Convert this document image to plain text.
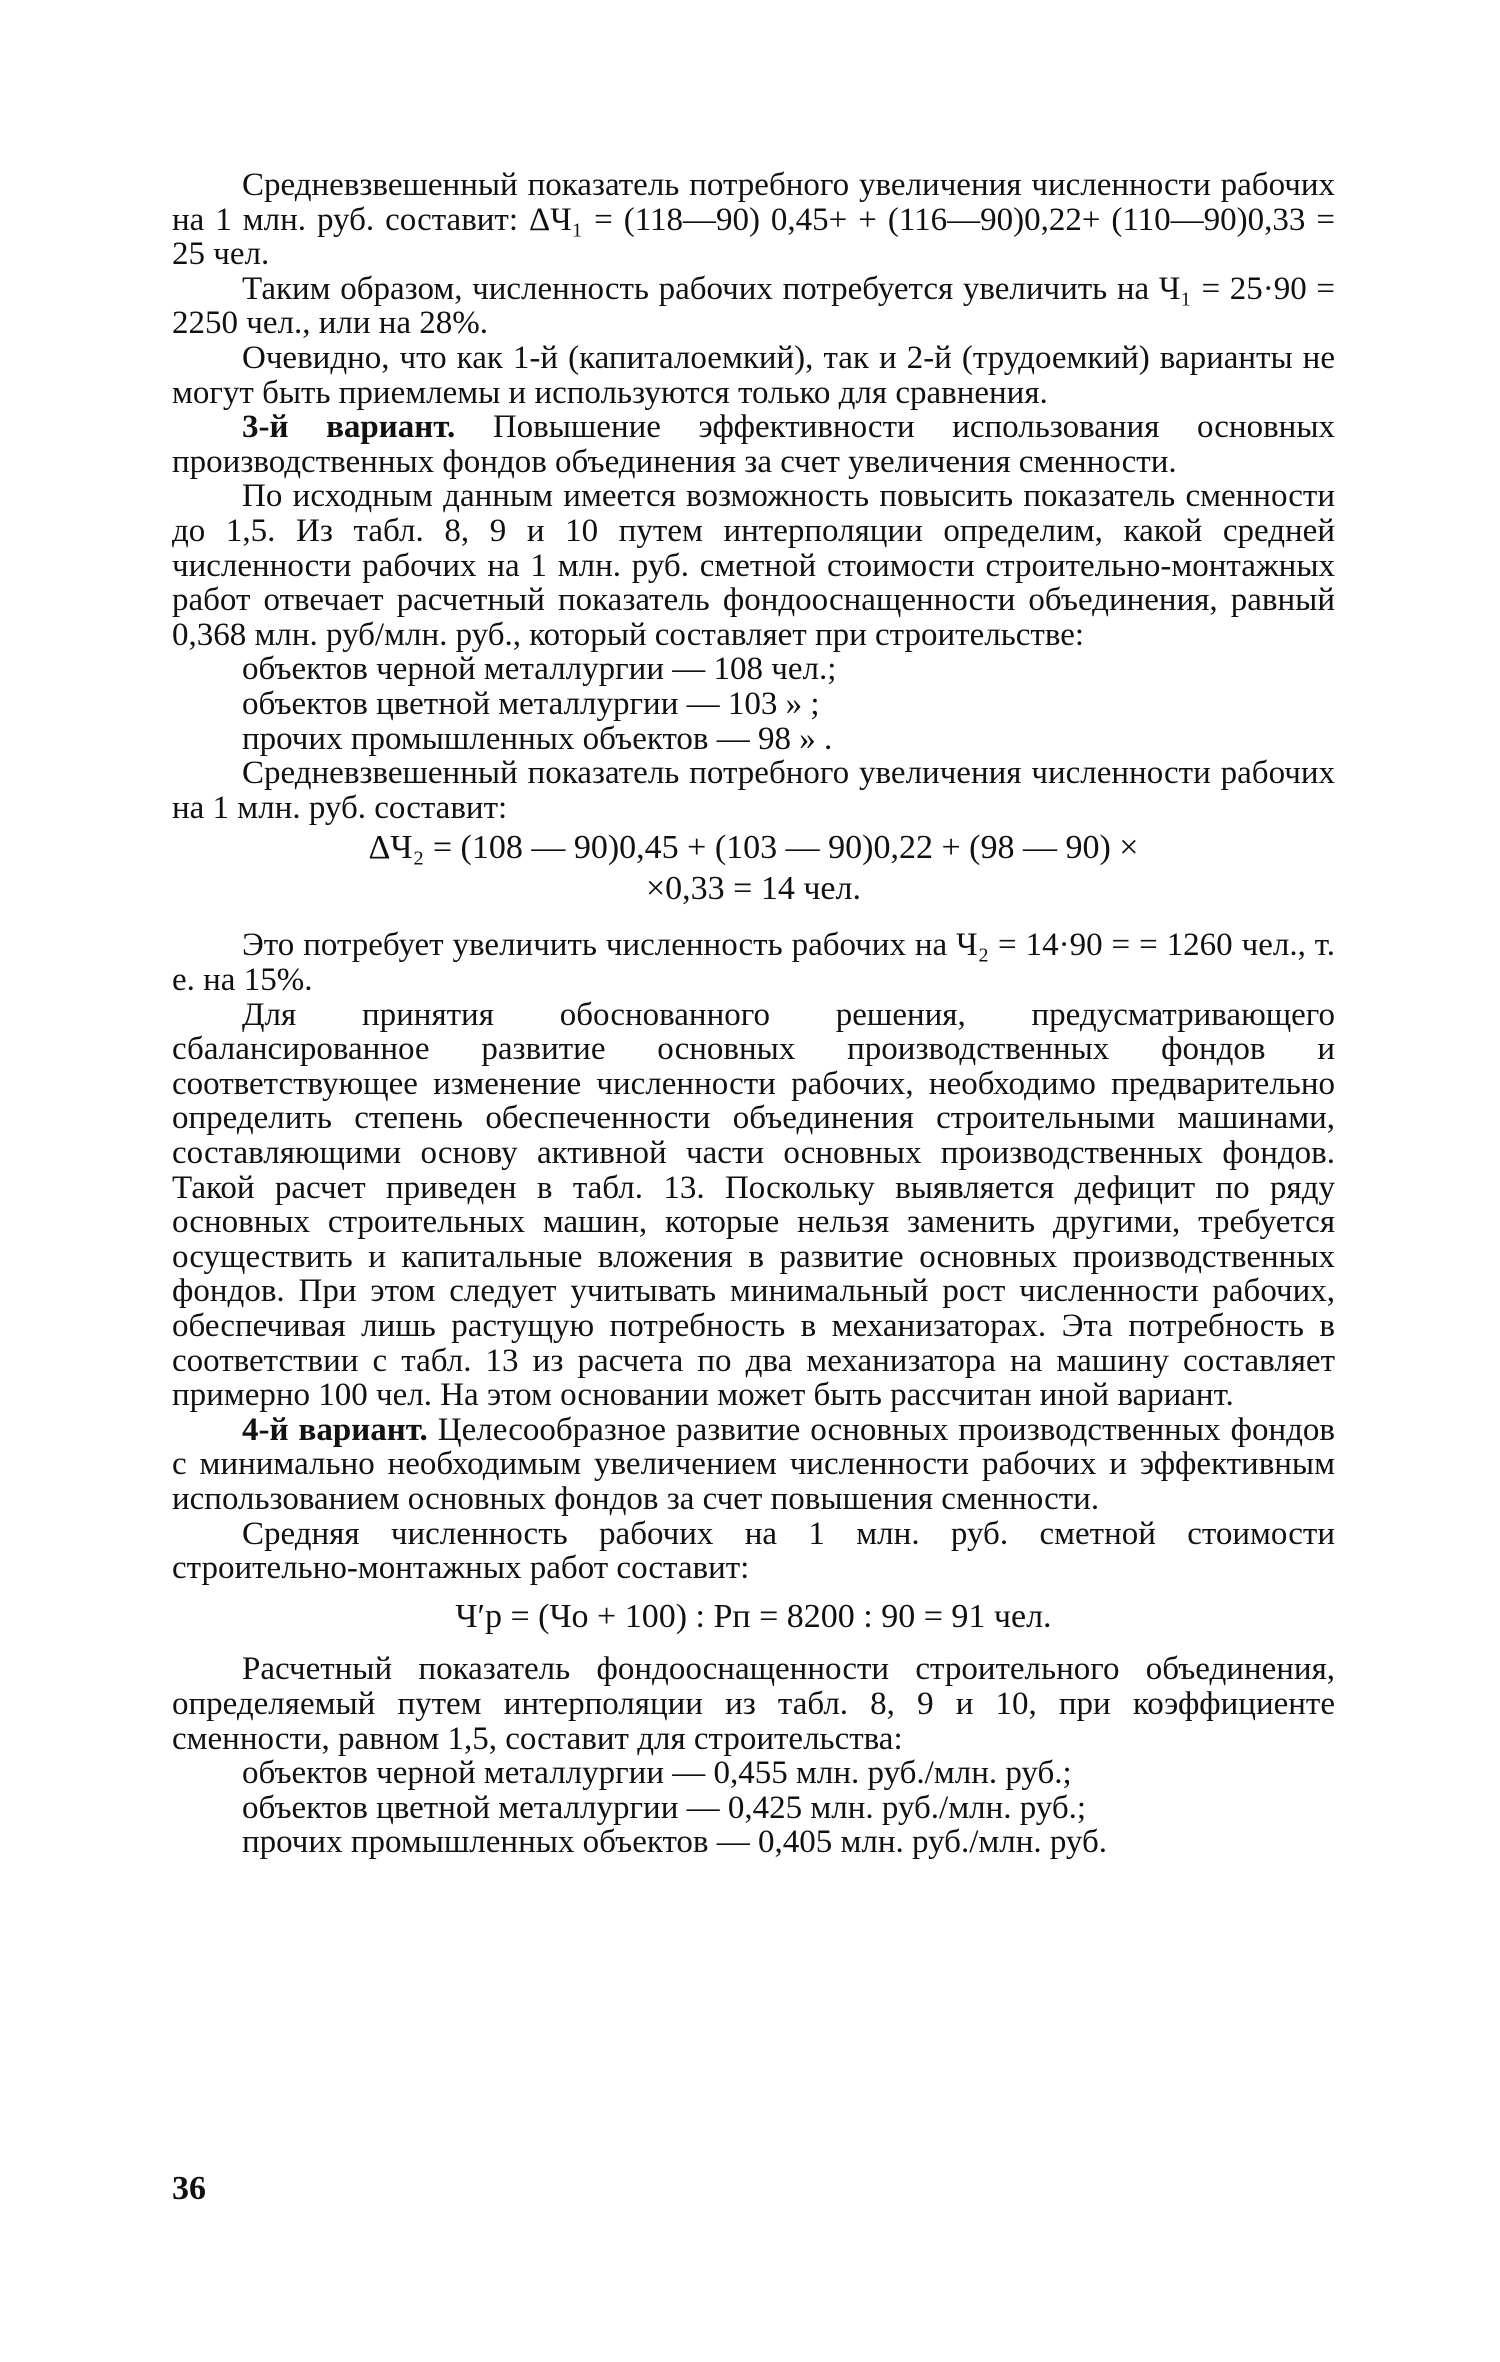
Средневзвешенный показатель потребного увеличения численности рабочих на 1 млн. руб. составит: ΔЧ₁ = (118—90) 0,45+ + (116—90)0,22+ (110—90)0,33 = 25 чел.

Таким образом, численность рабочих потребуется увеличить на Ч₁ = 25·90 = 2250 чел., или на 28%.

Очевидно, что как 1-й (капиталоемкий), так и 2-й (трудоемкий) варианты не могут быть приемлемы и используются только для сравнения.

3-й вариант. Повышение эффективности использования основных производственных фондов объединения за счет увеличения сменности.

По исходным данным имеется возможность повысить показатель сменности до 1,5. Из табл. 8, 9 и 10 путем интерполяции определим, какой средней численности рабочих на 1 млн. руб. сметной стоимости строительно-монтажных работ отвечает расчетный показатель фондооснащенности объединения, равный 0,368 млн. руб/млн. руб., который составляет при строительстве:

объектов черной металлургии — 108 чел.;
объектов цветной металлургии — 103 » ;
прочих промышленных объектов — 98 » .

Средневзвешенный показатель потребного увеличения численности рабочих на 1 млн. руб. составит:

ΔЧ₂ = (108 — 90)0,45 + (103 — 90)0,22 + (98 — 90) ×
×0,33 = 14 чел.

Это потребует увеличить численность рабочих на Ч₂ = 14·90 = = 1260 чел., т. е. на 15%.

Для принятия обоснованного решения, предусматривающего сбалансированное развитие основных производственных фондов и соответствующее изменение численности рабочих, необходимо предварительно определить степень обеспеченности объединения строительными машинами, составляющими основу активной части основных производственных фондов. Такой расчет приведен в табл. 13. Поскольку выявляется дефицит по ряду основных строительных машин, которые нельзя заменить другими, требуется осуществить и капитальные вложения в развитие основных производственных фондов. При этом следует учитывать минимальный рост численности рабочих, обеспечивая лишь растущую потребность в механизаторах. Эта потребность в соответствии с табл. 13 из расчета по два механизатора на машину составляет примерно 100 чел. На этом основании может быть рассчитан иной вариант.

4-й вариант. Целесообразное развитие основных производственных фондов с минимально необходимым увеличением численности рабочих и эффективным использованием основных фондов за счет повышения сменности.

Средняя численность рабочих на 1 млн. руб. сметной стоимости строительно-монтажных работ составит:

Ч′р = (Чо + 100) : Рп = 8200 : 90 = 91 чел.

Расчетный показатель фондооснащенности строительного объединения, определяемый путем интерполяции из табл. 8, 9 и 10, при коэффициенте сменности, равном 1,5, составит для строительства:

объектов черной металлургии — 0,455 млн. руб./млн. руб.;
объектов цветной металлургии — 0,425 млн. руб./млн. руб.;
прочих промышленных объектов — 0,405 млн. руб./млн. руб.
36
